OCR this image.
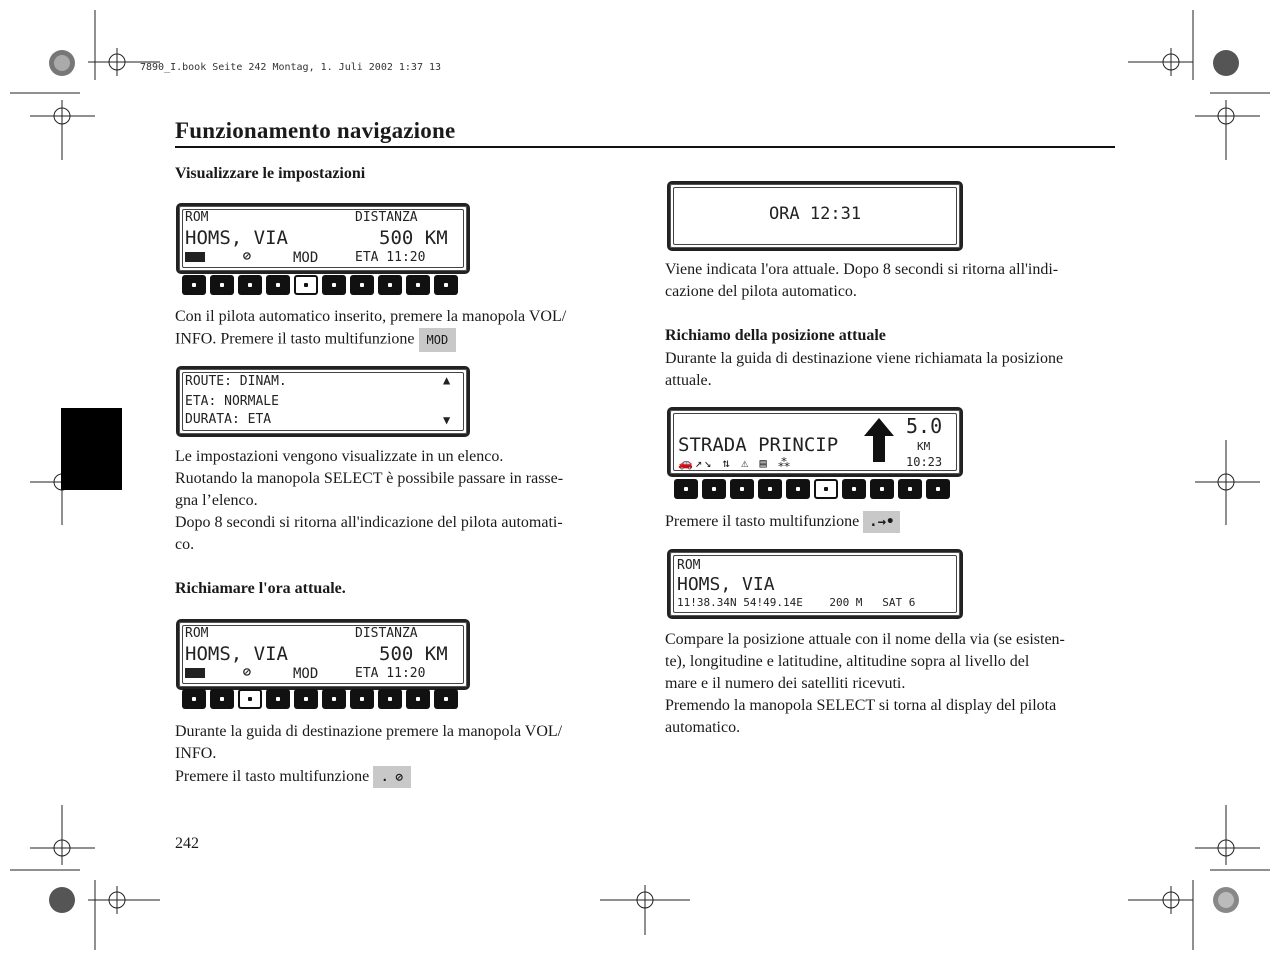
7890_I.book Seite 242 Montag, 1. Juli 2002 1:37 13
Funzionamento navigazione
Visualizzare le impostazioni
ROM	DISTANZA
HOMS, VIA	500 KM
⊘	MOD	ETA 11:20
Con il pilota automatico inserito, premere la manopola VOL/
INFO. Premere il tasto multifunzione MOD
ROUTE: DINAM.
ETA: NORMALE
DURATA: ETA
▲
▼
Le impostazioni vengono visualizzate in un elenco.
Ruotando la manopola SELECT è possibile passare in rasse-
gna l’elenco.
Dopo 8 secondi si ritorna all'indicazione del pilota automati-
co.
Richiamare l'ora attuale.
ROM	DISTANZA
HOMS, VIA	500 KM
⊘	MOD	ETA 11:20
Durante la guida di destinazione premere la manopola VOL/
INFO.
Premere il tasto multifunzione . ⊘
242
ORA 12:31
Viene indicata l'ora attuale. Dopo 8 secondi si ritorna all'indi-
cazione del pilota automatico.
Richiamo della posizione attuale
Durante la guida di destinazione viene richiamata la posizione
attuale.
STRADA PRINCIP
🚗↗↘ ⇅ ⚠ ▤ ⁂
5.0
KM
10:23
Premere il tasto multifunzione .→•
ROM
HOMS, VIA
11!38.34N 54!49.14E    200 M   SAT 6
Compare la posizione attuale con il nome della via (se esisten-
te), longitudine e latitudine, altitudine sopra al livello del
mare e il numero dei satelliti ricevuti.
Premendo la manopola SELECT si torna al display del pilota
automatico.
